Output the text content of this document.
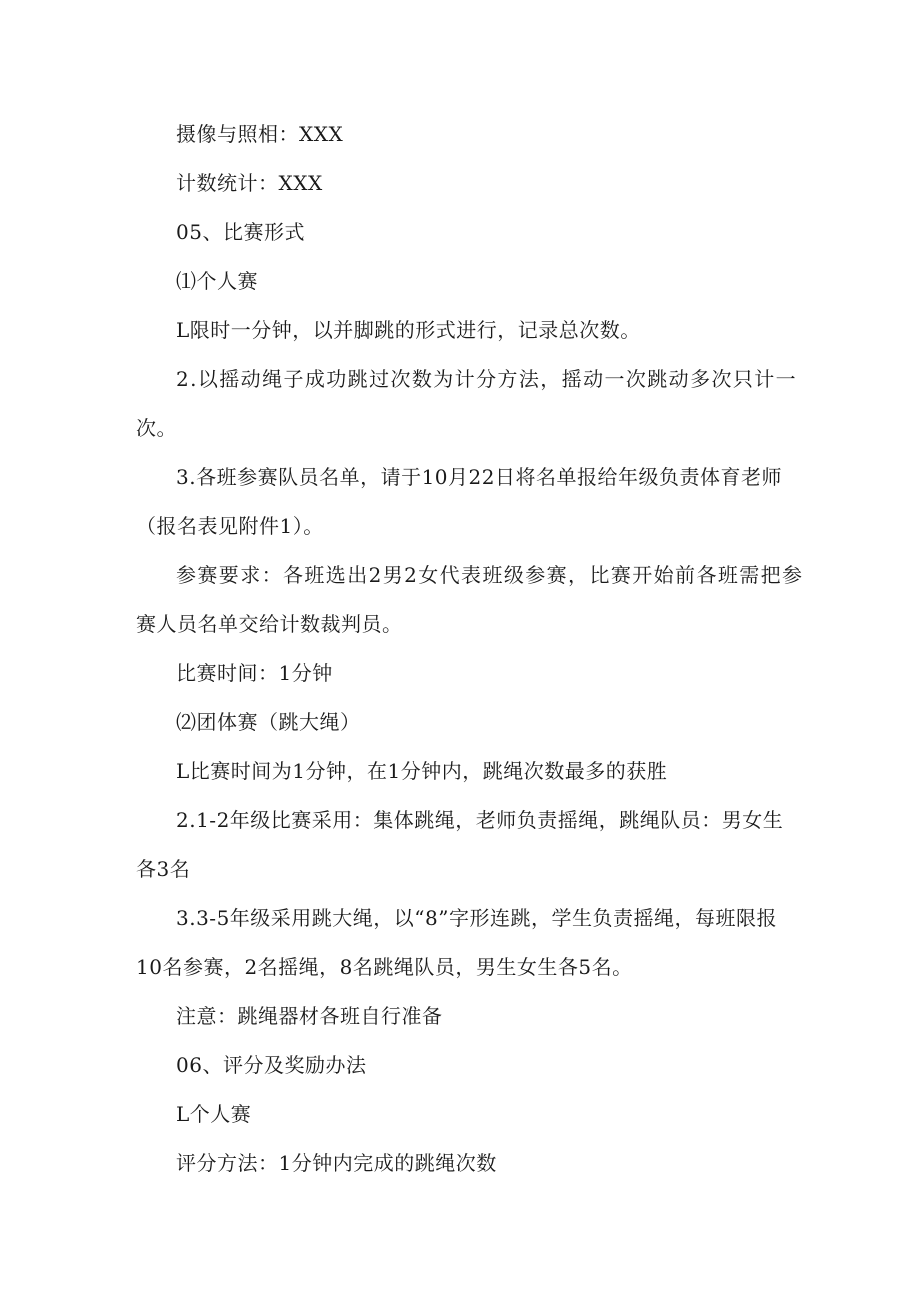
摄像与照相：XXX
计数统计：XXX
05、比赛形式
⑴个人赛
L限时一分钟，以并脚跳的形式进行，记录总次数。
2.以摇动绳子成功跳过次数为计分方法，摇动一次跳动多次只计一
次。
3.各班参赛队员名单，请于10月22日将名单报给年级负责体育老师
（报名表见附件1）。
参赛要求：各班选出2男2女代表班级参赛，比赛开始前各班需把参
赛人员名单交给计数裁判员。
比赛时间：1分钟
⑵团体赛（跳大绳）
L比赛时间为1分钟，在1分钟内，跳绳次数最多的获胜
2.1-2年级比赛采用：集体跳绳，老师负责摇绳，跳绳队员：男女生
各3名
3.3-5年级采用跳大绳，以“8”字形连跳，学生负责摇绳，每班限报
10名参赛，2名摇绳，8名跳绳队员，男生女生各5名。
注意：跳绳器材各班自行准备
06、评分及奖励办法
L个人赛
评分方法：1分钟内完成的跳绳次数
